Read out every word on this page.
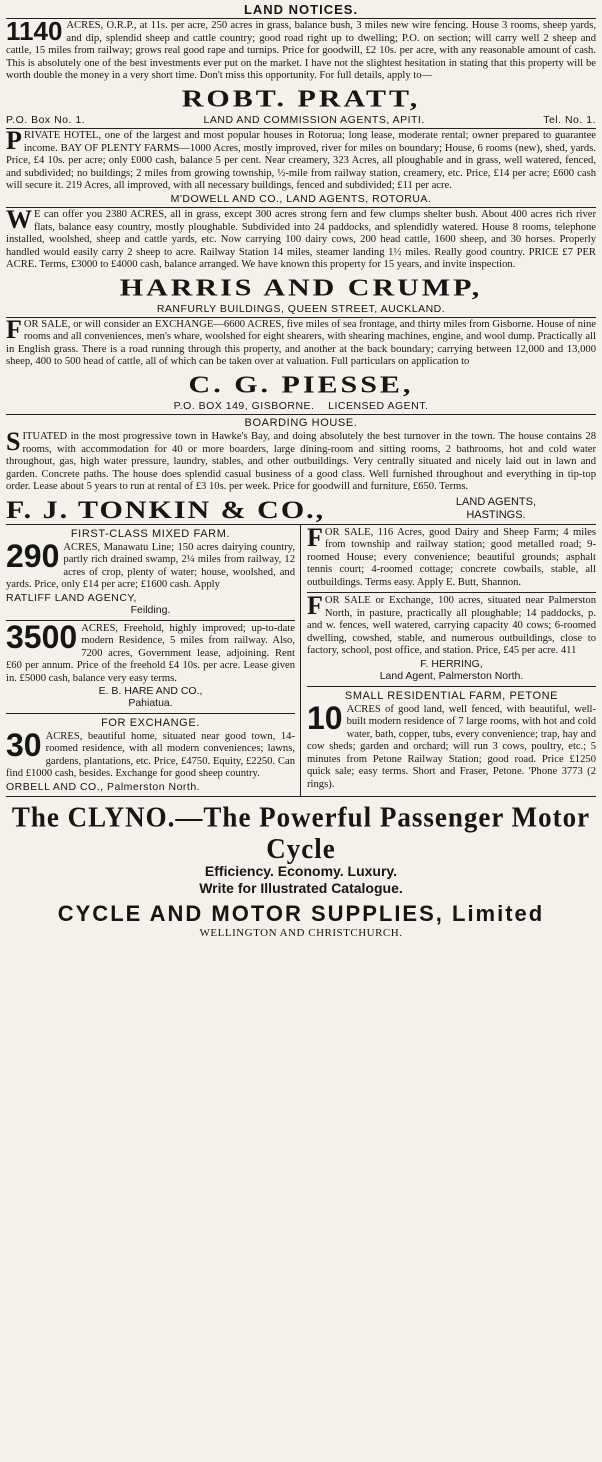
LAND NOTICES.

1140 ACRES, O.R.P., at 11s. per acre, 250 acres in grass, balance bush, 3 miles new wire fencing. House 3 rooms, sheep yards, and dip, splendid sheep and cattle country; good road right up to dwelling; P.O. on section; will carry well 2 sheep and cattle, 15 miles from railway; grows real good rape and turnips. Price for goodwill, £2 10s. per acre, with any reasonable amount of cash. This is absolutely one of the best investments ever put on the market. I have not the slightest hesitation in stating that this property will be worth double the money in a very short time. Don't miss this opportunity. For full details, apply to—

ROBT. PRATT,
P.O. Box No. 1.	LAND AND COMMISSION AGENTS, APITI.	Tel. No. 1.

P RIVATE HOTEL, one of the largest and most popular houses in Rotorua; long lease, moderate rental; owner prepared to guarantee income. BAY OF PLENTY FARMS—1000 Acres, mostly improved, river for miles on boundary; House, 6 rooms (new), shed, yards. Price, £4 10s. per acre; only £000 cash, balance 5 per cent. Near creamery, 323 Acres, all ploughable and in grass, well watered, fenced, and subdivided; no buildings; 2 miles from growing township, ½-mile from railway station, creamery, etc. Price, £14 per acre; £600 cash will secure it. 219 Acres, all improved, with all necessary buildings, fenced and subdivided; £11 per acre.

M'DOWELL AND CO., LAND AGENTS, ROTORUA.

W E can offer you 2380 ACRES, all in grass, except 300 acres strong fern and few clumps shelter bush. About 400 acres rich river flats, balance easy country, mostly ploughable. Subdivided into 24 paddocks, and splendidly watered. House 8 rooms, telephone installed, woolshed, sheep and cattle yards, etc. Now carrying 100 dairy cows, 200 head cattle, 1600 sheep, and 30 horses. Properly handled would easily carry 2 sheep to acre. Railway Station 14 miles, steamer landing 1½ miles. Really good country. PRICE £7 PER ACRE. Terms, £3000 to £4000 cash, balance arranged. We have known this property for 15 years, and invite inspection.

HARRIS AND CRUMP,
RANFURLY BUILDINGS, QUEEN STREET, AUCKLAND.

F OR SALE, or will consider an EXCHANGE—6600 ACRES, five miles of sea frontage, and thirty miles from Gisborne. House of nine rooms and all conveniences, men's whare, woolshed for eight shearers, with shearing machines, engine, and wool dump. Practically all in English grass. There is a road running through this property, and another at the back boundary; carrying between 12,000 and 13,000 sheep, 400 to 500 head of cattle, all of which can be taken over at valuation. Full particulars on application to

C. G. PIESSE,
P.O. BOX 149, GISBORNE. LICENSED AGENT.
BOARDING HOUSE.

S ITUATED in the most progressive town in Hawke's Bay, and doing absolutely the best turnover in the town. The house contains 28 rooms, with accommodation for 40 or more boarders, large dining-room and sitting rooms, 2 bathrooms, hot and cold water throughout, gas, high water pressure, laundry, stables, and other outbuildings. Very centrally situated and nicely laid out in lawn and garden. Concrete paths. The house does splendid casual business of a good class. Well furnished throughout and everything in tip-top order. Lease about 5 years to run at rental of £3 10s. per week. Price for goodwill and furniture, £650. Terms.

F. J. TONKIN & CO.,	LAND AGENTS,
HASTINGS.
FIRST-CLASS MIXED FARM.

290 ACRES, Manawatu Line; 150 acres dairying country, partly rich drained swamp, 2¼ miles from railway, 12 acres of crop, plenty of water; house, woolshed, and yards. Price, only £14 per acre; £1600 cash. Apply

RATLIFF LAND AGENCY,
Feilding.

3500 ACRES, Freehold, highly improved; up-to-date modern Residence, 5 miles from railway. Also, 7200 acres, Government lease, adjoining. Rent £60 per annum. Price of the freehold £4 10s. per acre. Lease given in. £5000 cash, balance very easy terms.

E. B. HARE AND CO.,
Pahiatua.
FOR EXCHANGE.

30 ACRES, beautiful home, situated near good town, 14-roomed residence, with all modern conveniences; lawns, gardens, plantations, etc. Price, £4750. Equity, £2250. Can find £1000 cash, besides. Exchange for good sheep country.

ORBELL AND CO., Palmerston North.

F OR SALE, 116 Acres, good Dairy and Sheep Farm; 4 miles from township and railway station; good metalled road; 9-roomed House; every convenience; beautiful grounds; asphalt tennis court; 4-roomed cottage; concrete cowbails, stable, all outbuildings. Terms easy. Apply E. Butt, Shannon.

F OR SALE or Exchange, 100 acres, situated near Palmerston North, in pasture, practically all ploughable; 14 paddocks, p. and w. fences, well watered, carrying capacity 40 cows; 6-roomed dwelling, cowshed, stable, and numerous outbuildings, close to factory, school, post office, and station. Price, £45 per acre. 411

F. HERRING,
Land Agent, Palmerston North.
SMALL RESIDENTIAL FARM, PETONE

10 ACRES of good land, well fenced, with beautiful, well-built modern residence of 7 large rooms, with hot and cold water, bath, copper, tubs, every convenience; trap, hay and cow sheds; garden and orchard; will run 3 cows, poultry, etc.; 5 minutes from Petone Railway Station; good road. Price £1250 quick sale; easy terms. Short and Fraser, Petone. 'Phone 3773 (2 rings).

The CLYNO.—The Powerful Passenger Motor Cycle
Efficiency. Economy. Luxury.
Write for Illustrated Catalogue.
CYCLE AND MOTOR SUPPLIES, Limited
WELLINGTON AND CHRISTCHURCH.
